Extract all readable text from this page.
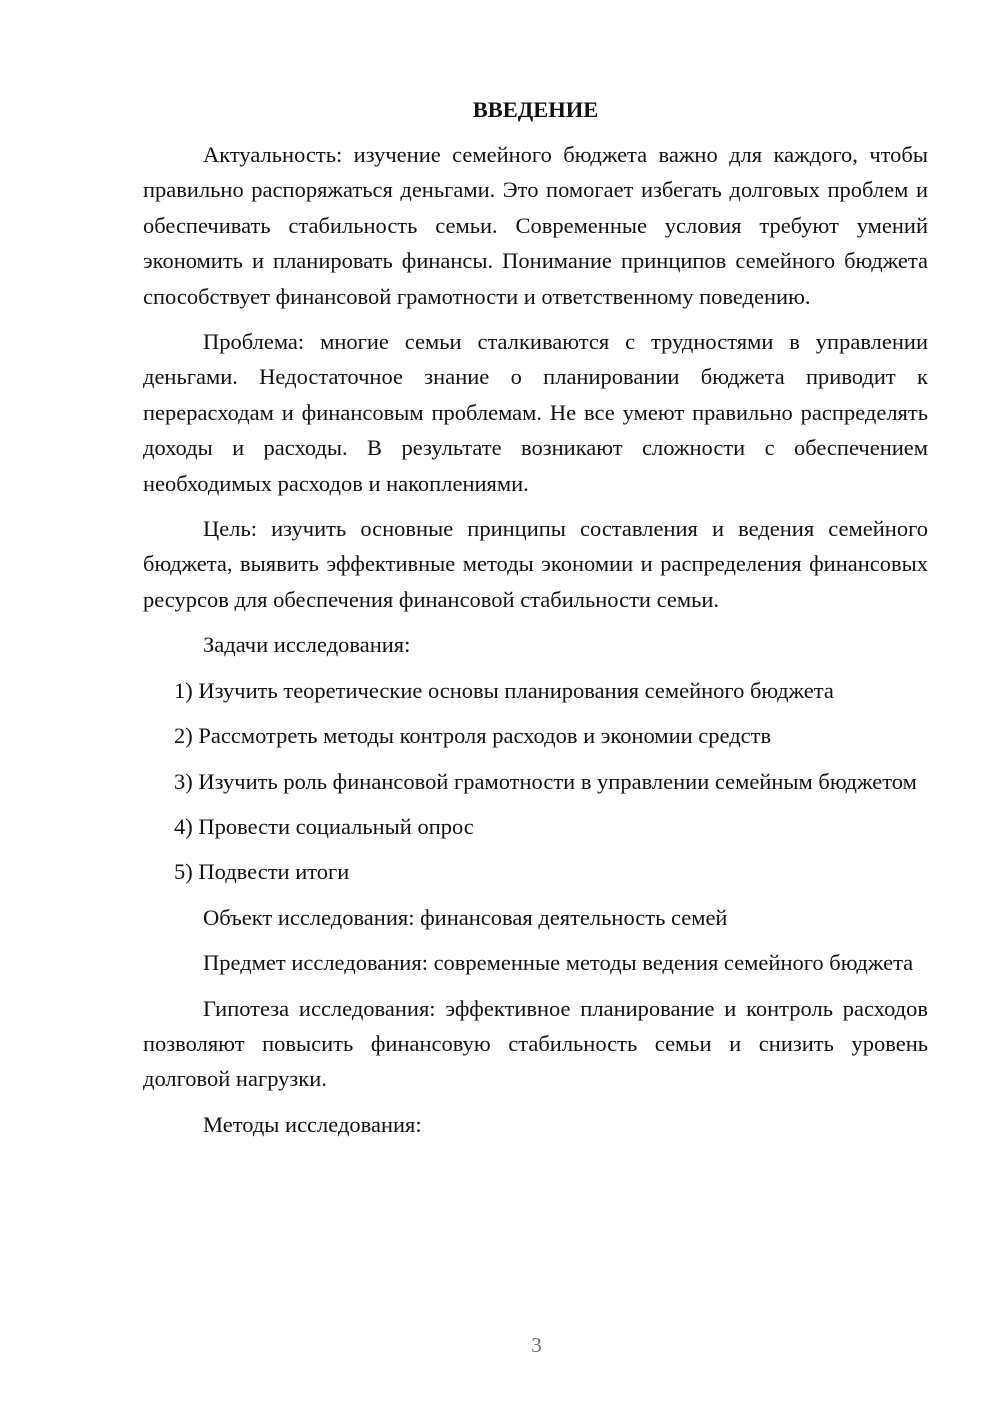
ВВЕДЕНИЕ

Актуальность: изучение семейного бюджета важно для каждого, чтобы правильно распоряжаться деньгами. Это помогает избегать долговых проблем и обеспечивать стабильность семьи. Современные условия требуют умений экономить и планировать финансы. Понимание принципов семейного бюджета способствует финансовой грамотности и ответственному поведению.

Проблема: многие семьи сталкиваются с трудностями в управлении деньгами. Недостаточное знание о планировании бюджета приводит к перерасходам и финансовым проблемам. Не все умеют правильно распределять доходы и расходы. В результате возникают сложности с обеспечением необходимых расходов и накоплениями.

Цель: изучить основные принципы составления и ведения семейного бюджета, выявить эффективные методы экономии и распределения финансовых ресурсов для обеспечения финансовой стабильности семьи.

Задачи исследования:

1) Изучить теоретические основы планирования семейного бюджета

2) Рассмотреть методы контроля расходов и экономии средств

3) Изучить роль финансовой грамотности в управлении семейным бюджетом

4) Провести социальный опрос

5) Подвести итоги

Объект исследования: финансовая деятельность семей

Предмет исследования: современные методы ведения семейного бюджета

Гипотеза исследования: эффективное планирование и контроль расходов позволяют повысить финансовую стабильность семьи и снизить уровень долговой нагрузки.

Методы исследования:

3
